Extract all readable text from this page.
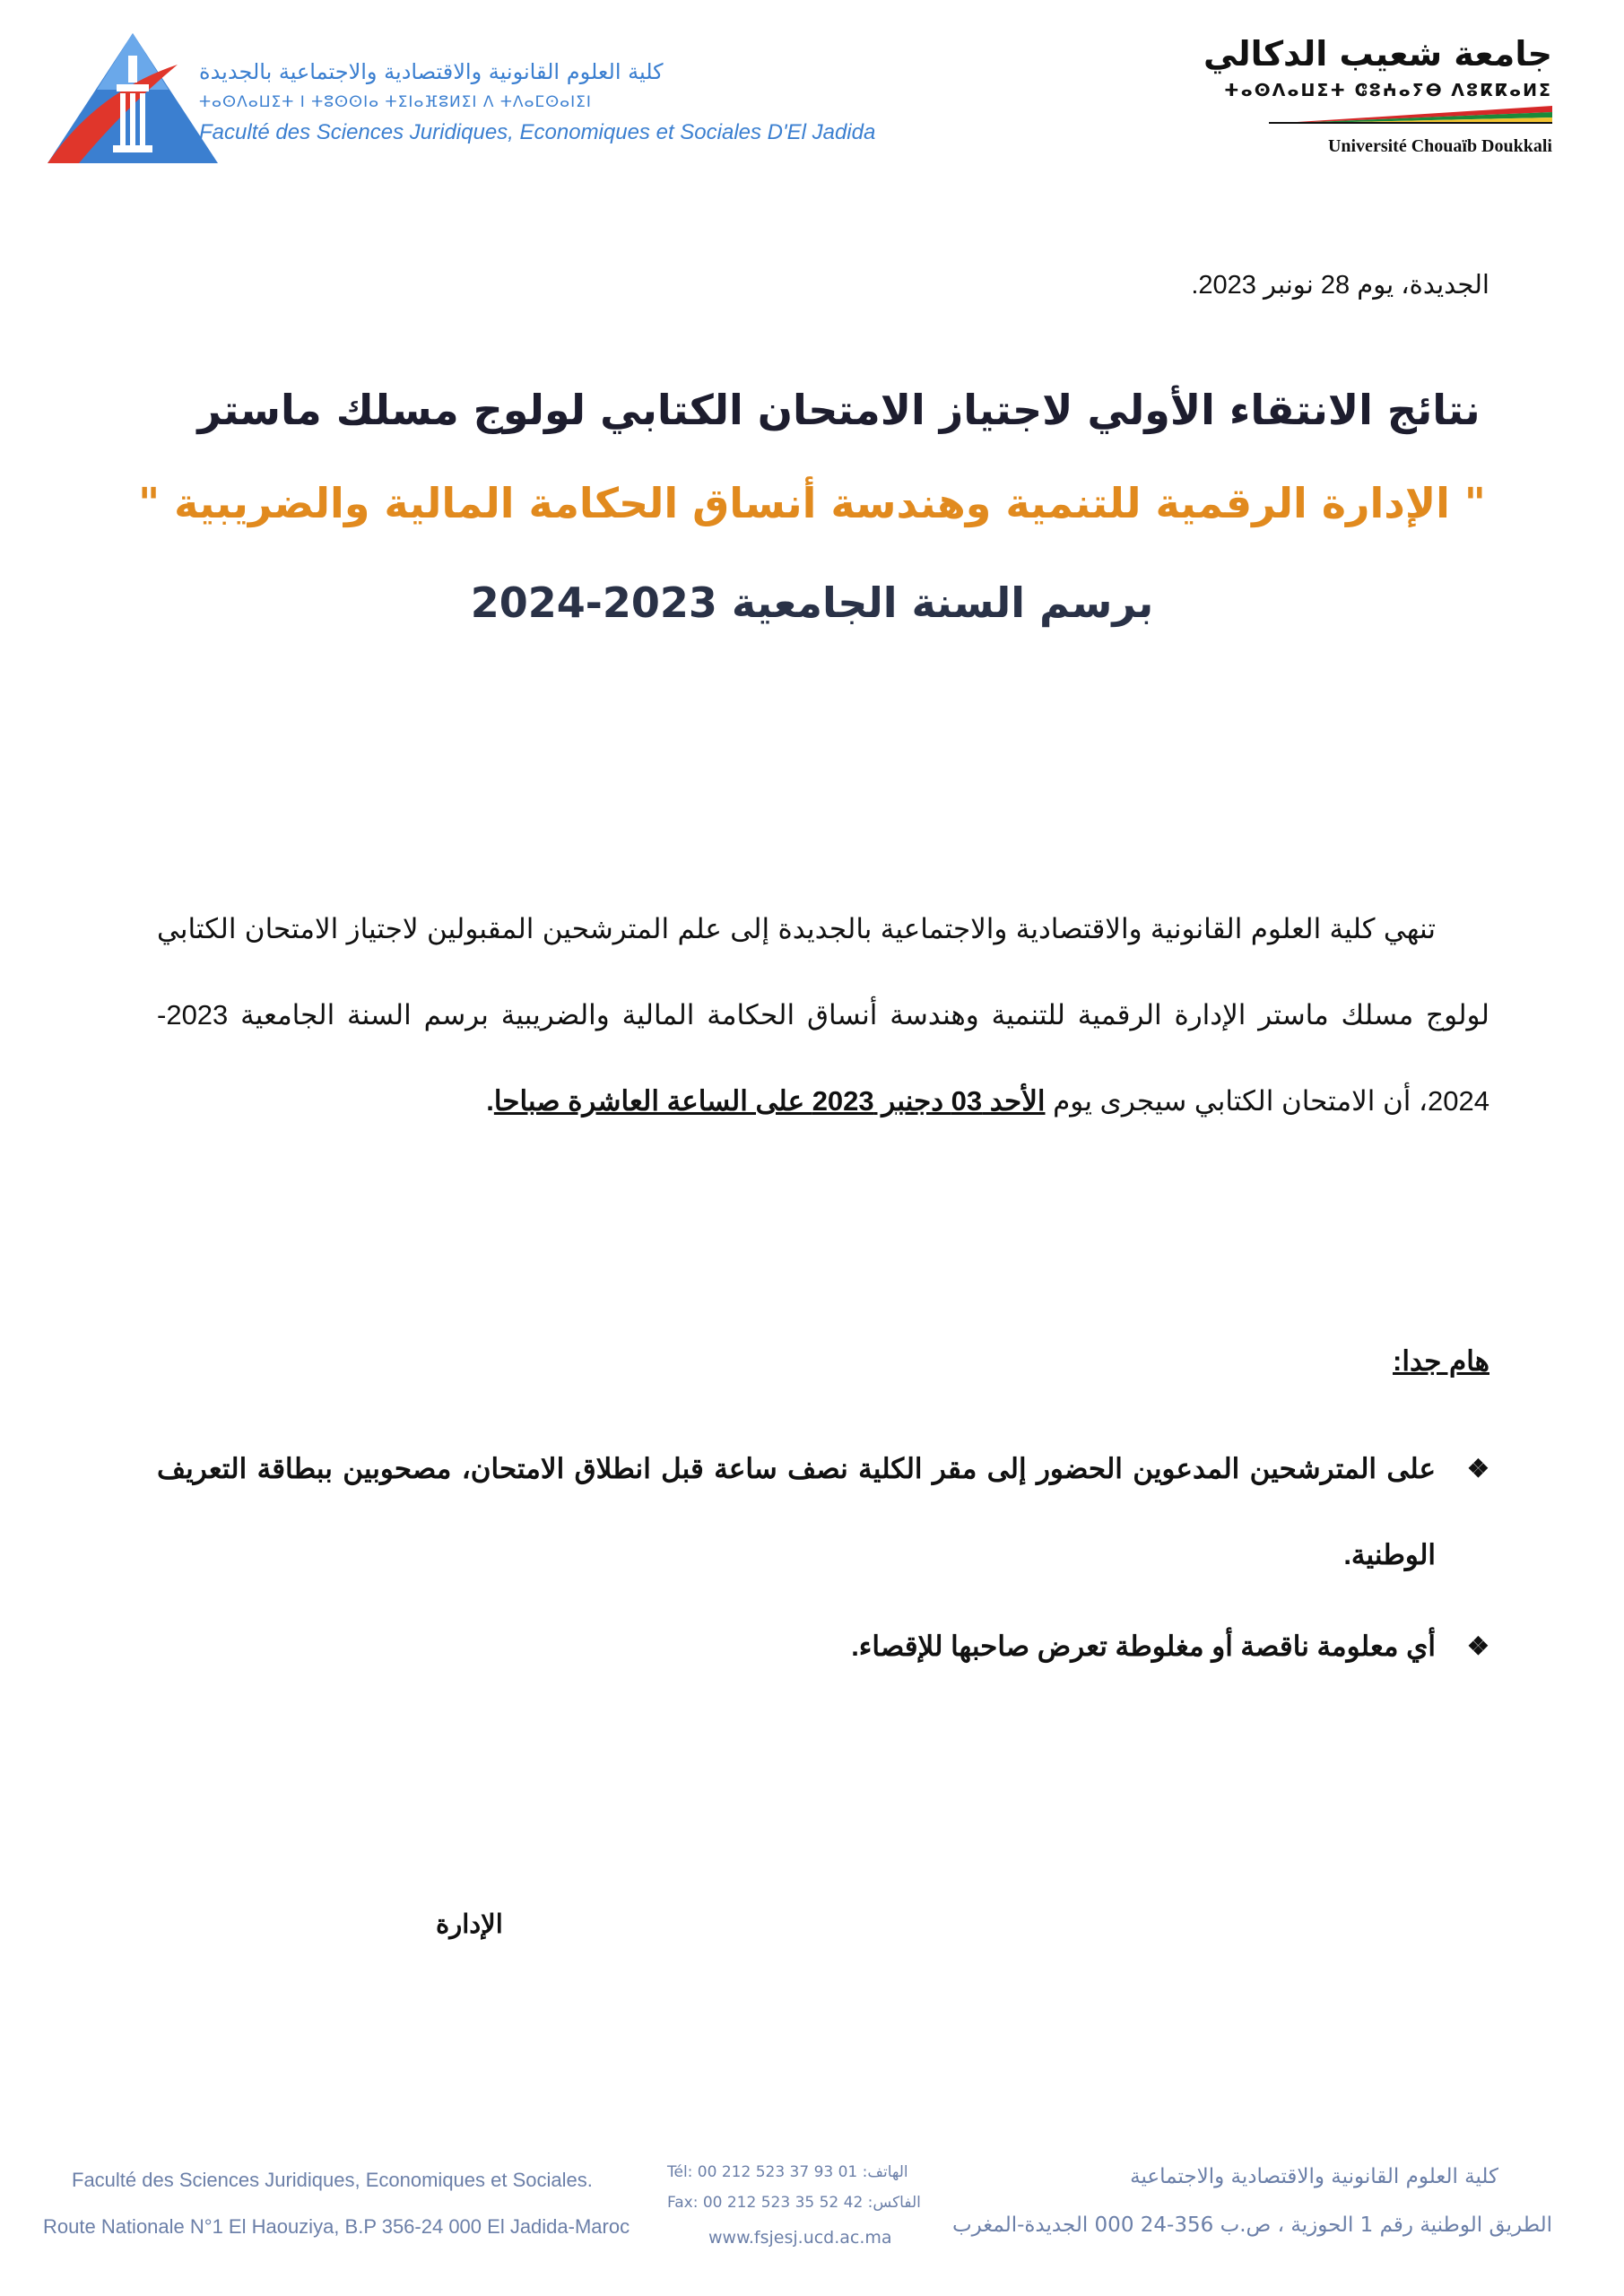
كلية العلوم القانونية والاقتصادية والاجتماعية بالجديدة
ⵜⴰⵙⴷⴰⵡⵉⵜ ⵏ ⵜⵓⵙⵙⵏⴰ ⵜⵉⵏⴰⴼⵓⵍⵉⵏ ⴷ ⵜⴷⴰⵎⵙⴰⵏⵉⵏ
Faculté des Sciences Juridiques, Economiques et Sociales D'El Jadida
جامعة شعيب الدكالي
ⵜⴰⵙⴷⴰⵡⵉⵜ ⵛⵓⵄⴰⵢⴱ ⴷⵓⴽⴽⴰⵍⵉ
Université Chouaïb Doukkali
الجديدة، يوم 28 نونبر 2023.
نتائج الانتقاء الأولي لاجتياز الامتحان الكتابي لولوج مسلك ماستر
" الإدارة الرقمية للتنمية وهندسة أنساق الحكامة المالية والضريبية "
برسم السنة الجامعية 2023-2024
تنهي كلية العلوم القانونية والاقتصادية والاجتماعية بالجديدة إلى علم المترشحين المقبولين لاجتياز الامتحان الكتابي لولوج مسلك ماستر الإدارة الرقمية للتنمية وهندسة أنساق الحكامة المالية والضريبية برسم السنة الجامعية 2023-2024، أن الامتحان الكتابي سيجرى يوم الأحد 03 دجنبر 2023 على الساعة العاشرة صباحا.
هام جدا:
❖
على المترشحين المدعوين الحضور إلى مقر الكلية نصف ساعة قبل انطلاق الامتحان، مصحوبين ببطاقة التعريف الوطنية.
❖
أي معلومة ناقصة أو مغلوطة تعرض صاحبها للإقصاء.
الإدارة
Faculté des Sciences Juridiques, Economiques et Sociales.
Route Nationale N°1 El Haouziya, B.P 356-24 000 El Jadida-Maroc
Tél: 00 212 523 37 93 01 :الهاتف
Fax: 00 212 523 35 52 42 :الفاكس
www.fsjesj.ucd.ac.ma
كلية العلوم القانونية والاقتصادية والاجتماعية
الطريق الوطنية رقم 1 الحوزية ، ص.ب 356-24 000 الجديدة-المغرب
